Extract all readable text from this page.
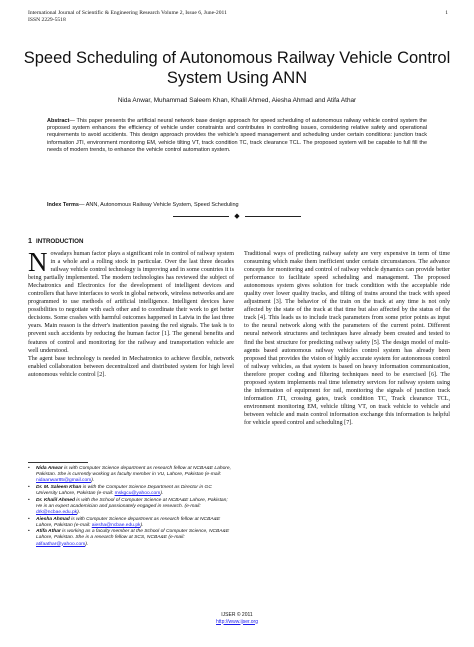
International Journal of Scientific & Engineering Research Volume 2, Issue 6, June-2011
ISSN 2229-5518
1
Speed Scheduling of Autonomous Railway Vehicle Control System Using ANN
Nida Anwar, Muhammad Saleem Khan, Khalil Ahmed, Aiesha Ahmad and Atifa Athar
Abstract— This paper presents the artificial neural network base design approach for speed scheduling of autonomous railway vehicle control system the proposed system enhances the efficiency of vehicle under constraints and contributes in controlling issues, considering relative safety and operational requirements to avoid accidents. This design approach provides the vehicle's speed management and scheduling under certain conditions: junction track information JTI, environment monitoring EM, vehicle tilting VT, track condition TC, track clearance TCL. The proposed system will be capable to full fill the needs of modern trends, to enhance the vehicle control automation system.
Index Terms— ANN, Autonomous Railway Vehicle System, Speed Scheduling
◆
1 INTRODUCTION

Nowadays human factor plays a significant role in control of railway system in a whole and a rolling stock in particular. Over the last three decades railway vehicle control technology is improving and in some countries it is being partially implemented. The modern technologies has reviewed the subject of Mechatronics and Electronics for the development of intelligent devices and controllers that have interfaces to work in global network, wireless networks and are programmed to use methods of artificial intelligence. Intelligent devices have possibilities to negotiate with each other and to coordinate their work to get better decisions. Some crashes with harmful outcomes happened in Latvia in the last three years. Main reason is the driver's inattention passing the red signals. The task is to prevent such accidents by reducing the human factor [1]. The general benefits and features of control and monitoring for the railway and transportation vehicle are well understood.

The agent base technology is needed in Mechatronics to achieve flexible, network enabled collaboration between decentralized and distributed system for high level autonomous vehicle control [2].

Traditional ways of predicting railway safety are very expensive in term of time consuming which make them inefficient under certain circumstances. The advance concepts for monitoring and control of railway vehicle dynamics can provide better performance to facilitate speed scheduling and management. The proposed autonomous system gives solution for track condition with the acceptable ride quality over lower quality tracks, and tilting of trains around the track with speed adjustment [3]. The behavior of the train on the track at any time is not only affected by the state of the track at that time but also affected by the status of the track [4]. This leads us to include track parameters from some prior points as input to the neural network along with the parameters of the current point. Different neural network structures and techniques have already been created and tested to find the best structure for predicting railway safety [5]. The design model of multi-agents based autonomous railway vehicles control system has already been proposed that provides the vision of highly accurate system for autonomous control of railway vehicles, as that system is based on heavy information communication, therefore proper coding and filtering techniques need to be exercised [6]. The proposed system implements real time telemetry services for railway system using the information of equipment for rail, monitoring the signals of junction track information JTI, crossing gates, track condition TC, Track clearance TCL, environment monitoring EM, vehicle tilting VT, on track vehicle to vehicle and between vehicle and main control information exchange this information is helpful for vehicle speed control and scheduling [7].

•	Nida Anwar is with Computer Science department as research fellow at NCBA&E Lahore, Pakistan. She is currently working as faculty member in VU, Lahore, Pakistan (e-mail: nidaanwar85@gmail.com).
•	Dr. M. Saleem Khan is with the Computer Science Department as Director in GC University Lahore, Pakistan (e-mail: mskgcu@yahoo.com).
•	Dr. Khalil Ahmed is with the School of Computer Science at NCBA&E Lahore, Pakistan; He is an expert academician and passionately engaged in research. (e-mail: drk@ncbae.edu.pk).
•	Aiesha Ahmad is with Computer Science department as research fellow at NCBA&E Lahore, Pakistan (e-mail: aiesha@ncbae.edu.pk).
•	Atifa Athar is working as a faculty member at the School of Computer Science, NCBA&E Lahore, Pakistan. She is a research fellow at SCS, NCBA&E (e-mail: atifaathar@yahoo.com).
IJSER © 2011
http://www.ijser.org
